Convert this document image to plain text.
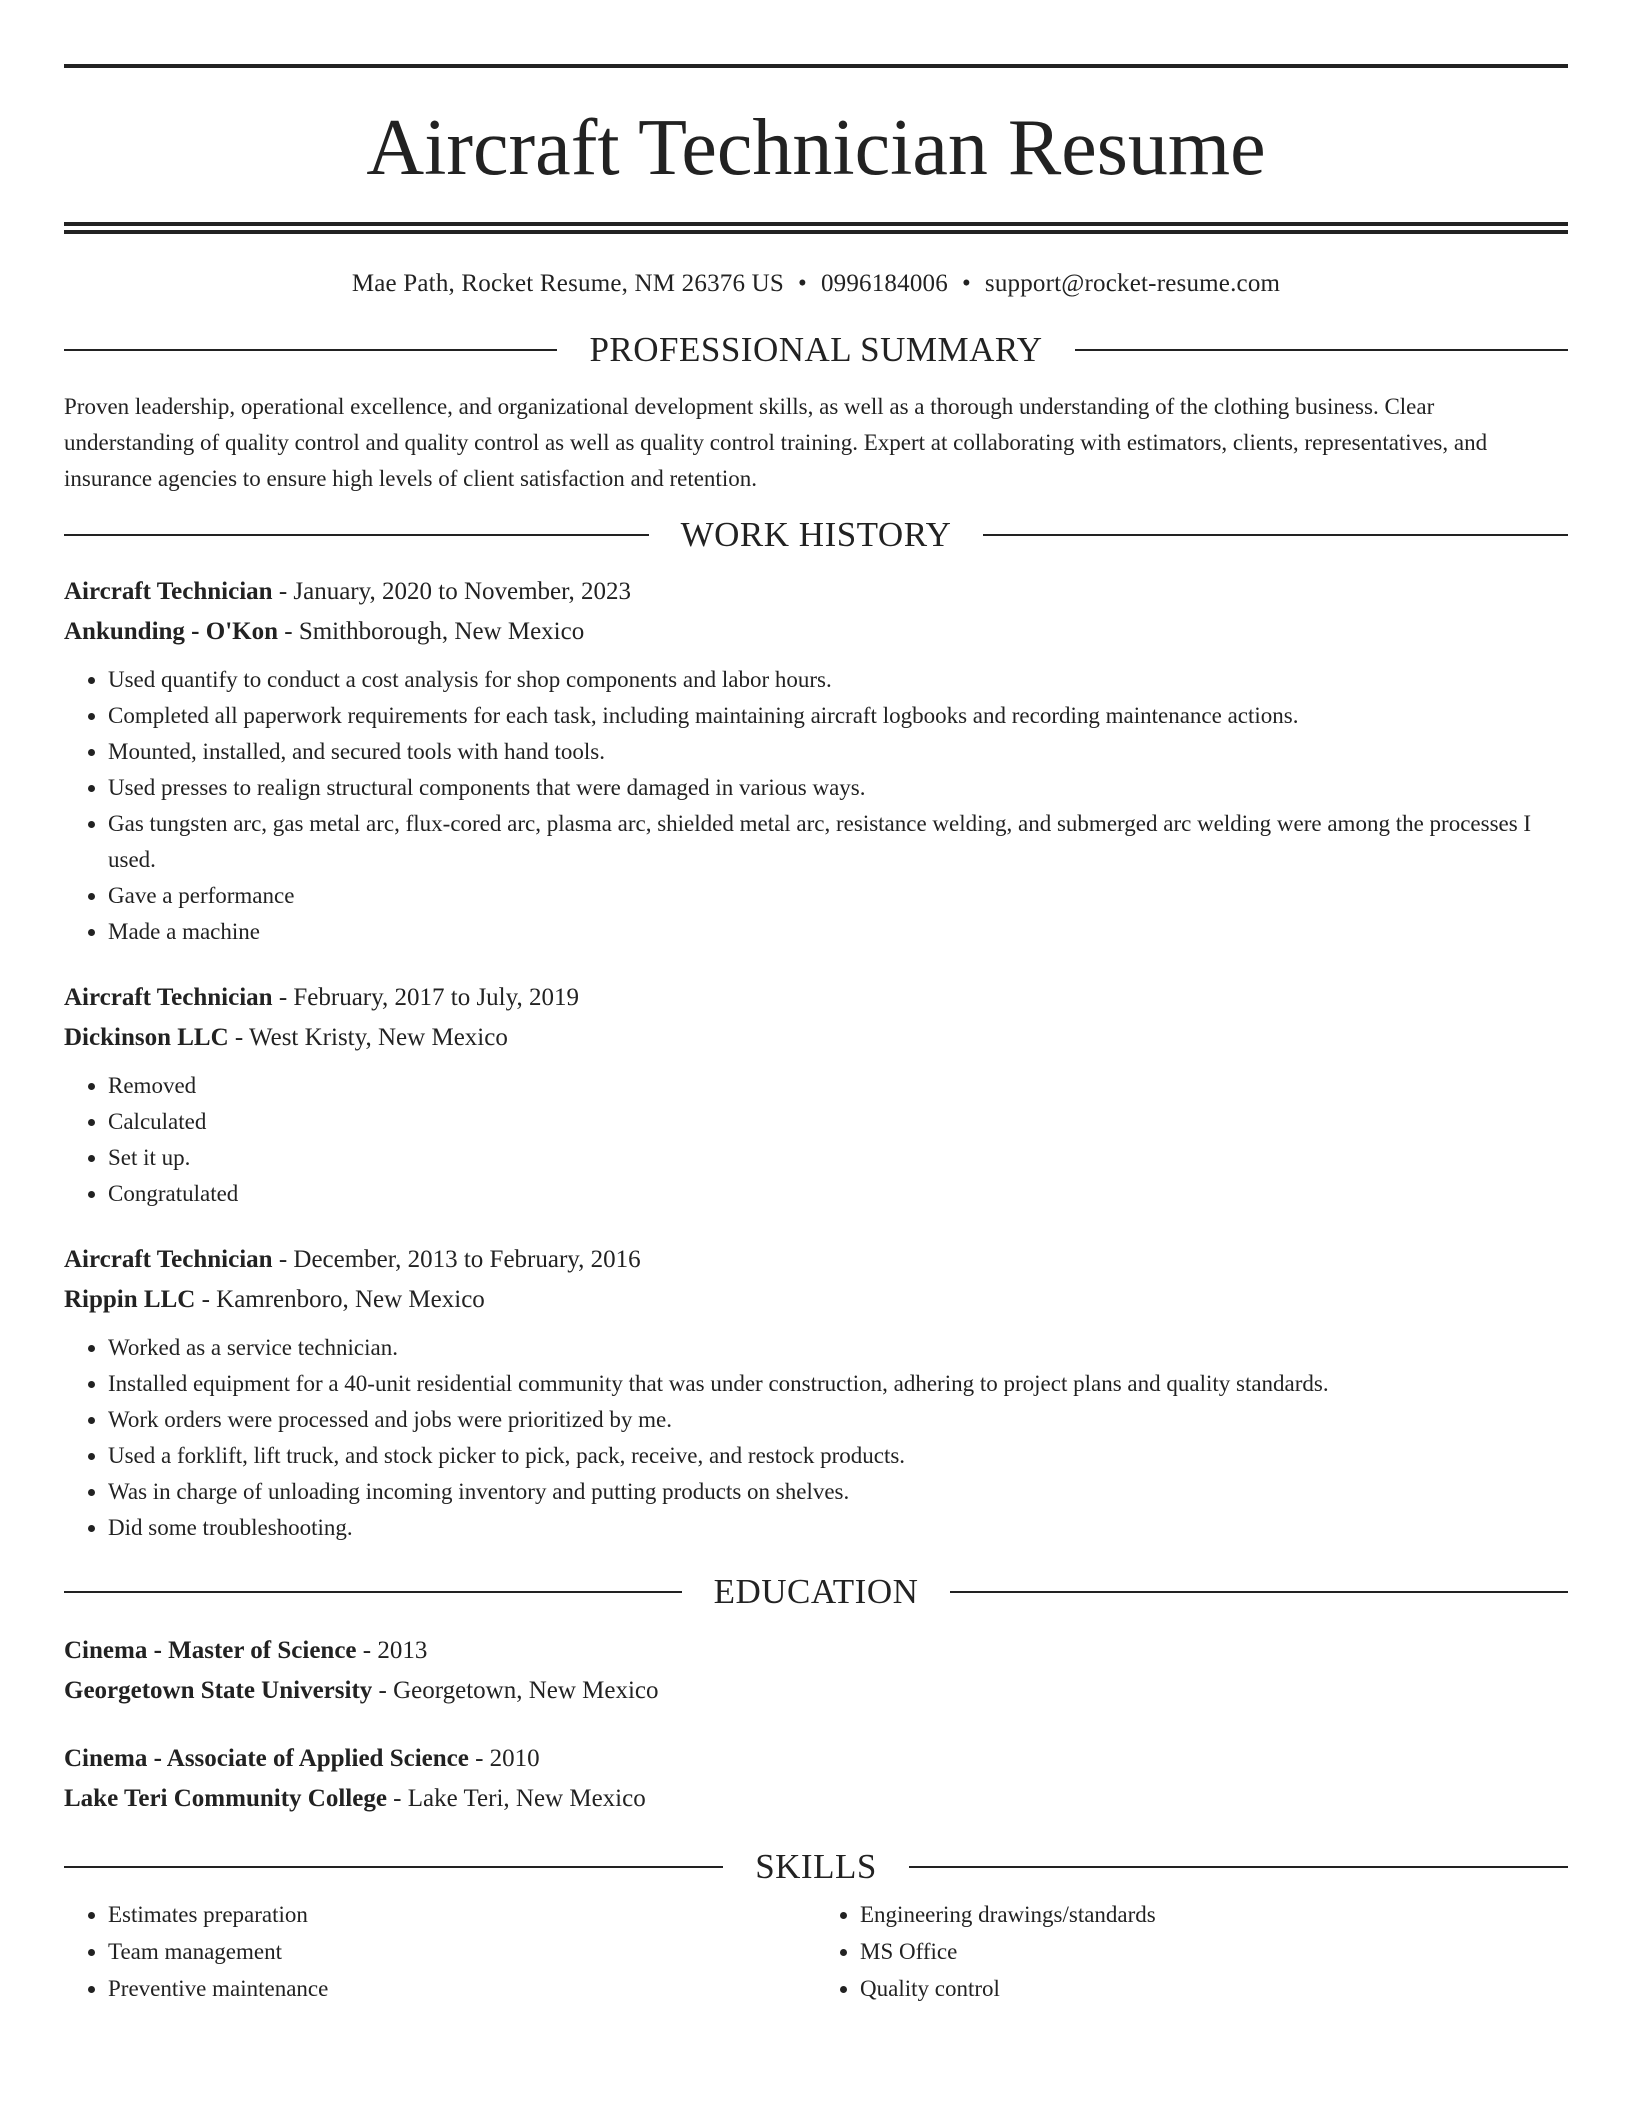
Aircraft Technician Resume
Mae Path, Rocket Resume, NM 26376 US • 0996184006 • support@rocket-resume.com
PROFESSIONAL SUMMARY

Proven leadership, operational excellence, and organizational development skills, as well as a thorough understanding of the clothing business. Clear understanding of quality control and quality control as well as quality control training. Expert at collaborating with estimators, clients, representatives, and insurance agencies to ensure high levels of client satisfaction and retention.

WORK HISTORY
Aircraft Technician - January, 2020 to November, 2023
Ankunding - O'Kon - Smithborough, New Mexico
• Used quantify to conduct a cost analysis for shop components and labor hours.
• Completed all paperwork requirements for each task, including maintaining aircraft logbooks and recording maintenance actions.
• Mounted, installed, and secured tools with hand tools.
• Used presses to realign structural components that were damaged in various ways.
• Gas tungsten arc, gas metal arc, flux-cored arc, plasma arc, shielded metal arc, resistance welding, and submerged arc welding were among the processes I used.
• Gave a performance
• Made a machine
Aircraft Technician - February, 2017 to July, 2019
Dickinson LLC - West Kristy, New Mexico
• Removed
• Calculated
• Set it up.
• Congratulated
Aircraft Technician - December, 2013 to February, 2016
Rippin LLC - Kamrenboro, New Mexico
• Worked as a service technician.
• Installed equipment for a 40-unit residential community that was under construction, adhering to project plans and quality standards.
• Work orders were processed and jobs were prioritized by me.
• Used a forklift, lift truck, and stock picker to pick, pack, receive, and restock products.
• Was in charge of unloading incoming inventory and putting products on shelves.
• Did some troubleshooting.
EDUCATION
Cinema - Master of Science - 2013
Georgetown State University - Georgetown, New Mexico
Cinema - Associate of Applied Science - 2010
Lake Teri Community College - Lake Teri, New Mexico
SKILLS
• Estimates preparation
• Team management
• Preventive maintenance
• Engineering drawings/standards
• MS Office
• Quality control
